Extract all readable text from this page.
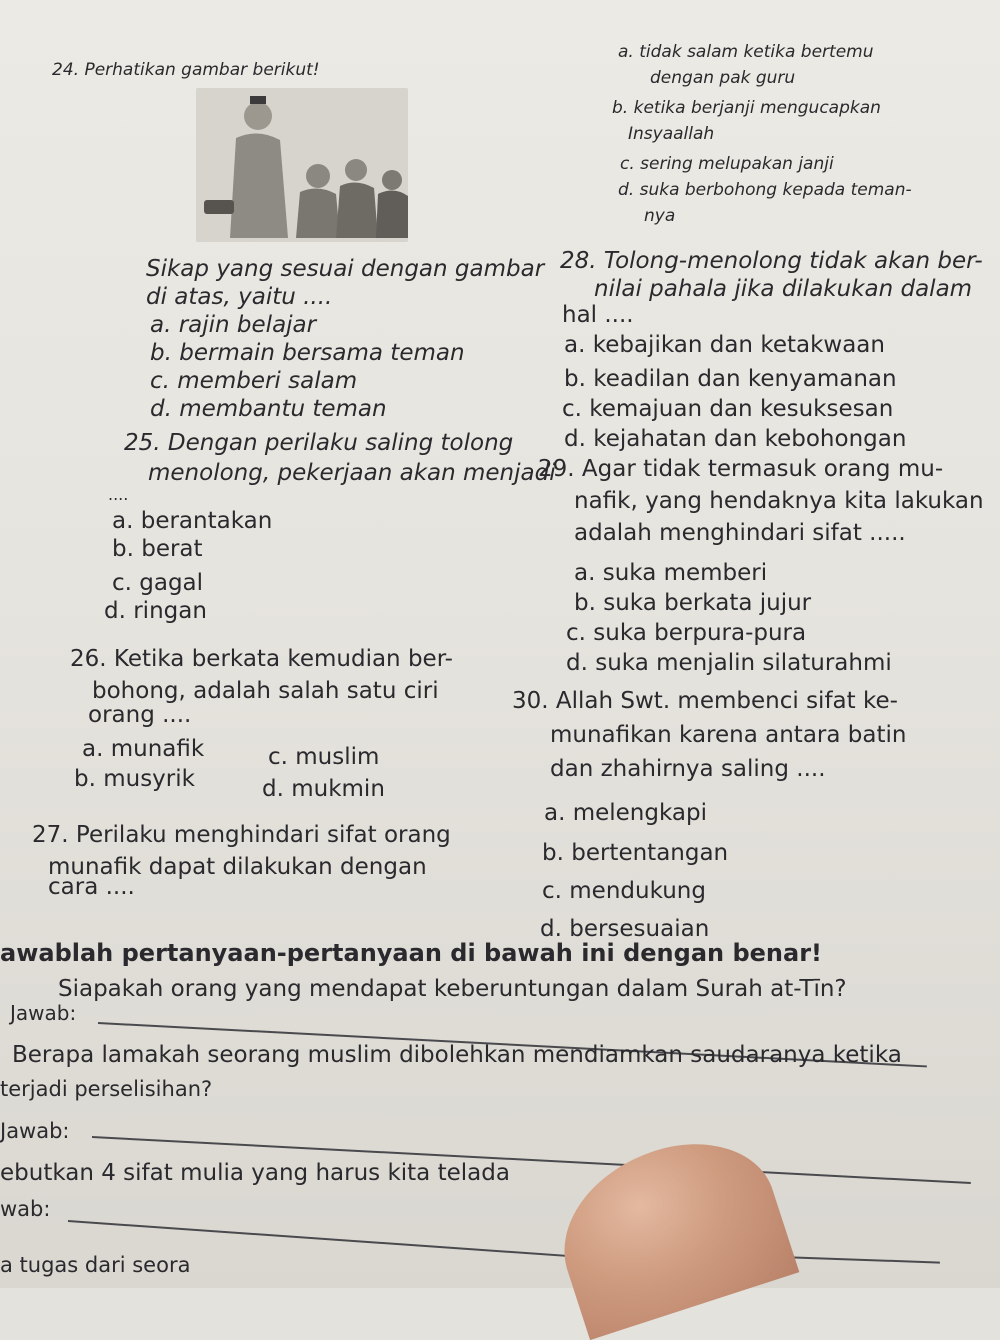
24. Perhatikan gambar berikut!
Sikap yang sesuai dengan gambar
di atas, yaitu ....
a. rajin belajar
b. bermain bersama teman
c. memberi salam
d. membantu teman
25. Dengan perilaku saling tolong
menolong, pekerjaan akan menjadi
....
a. berantakan
b. berat
c. gagal
d. ringan
26. Ketika berkata kemudian ber-
bohong, adalah salah satu ciri
orang ....
a. munafik	c. muslim
b. musyrik	d. mukmin
27. Perilaku menghindari sifat orang
munafik dapat dilakukan dengan
cara ....
a. tidak salam ketika bertemu
dengan pak guru
b. ketika berjanji mengucapkan
Insyaallah
c. sering melupakan janji
d. suka berbohong kepada teman-
nya
28. Tolong-menolong tidak akan ber-
nilai pahala jika dilakukan dalam
hal ....
a. kebajikan dan ketakwaan
b. keadilan dan kenyamanan
c. kemajuan dan kesuksesan
d. kejahatan dan kebohongan
29. Agar tidak termasuk orang mu-
nafik, yang hendaknya kita lakukan
adalah menghindari sifat .....
a. suka memberi
b. suka berkata jujur
c. suka berpura-pura
d. suka menjalin silaturahmi
30. Allah Swt. membenci sifat ke-
munafikan karena antara batin
dan zhahirnya saling ....
a. melengkapi
b. bertentangan
c. mendukung
d. bersesuaian
awablah pertanyaan-pertanyaan di bawah ini dengan benar!
Siapakah orang yang mendapat keberuntungan dalam Surah at-Tīn?
Jawab:
Berapa lamakah seorang muslim dibolehkan mendiamkan saudaranya ketika
terjadi perselisihan?
Jawab:
ebutkan 4 sifat mulia yang harus kita telada
wab:
a tugas dari seora
